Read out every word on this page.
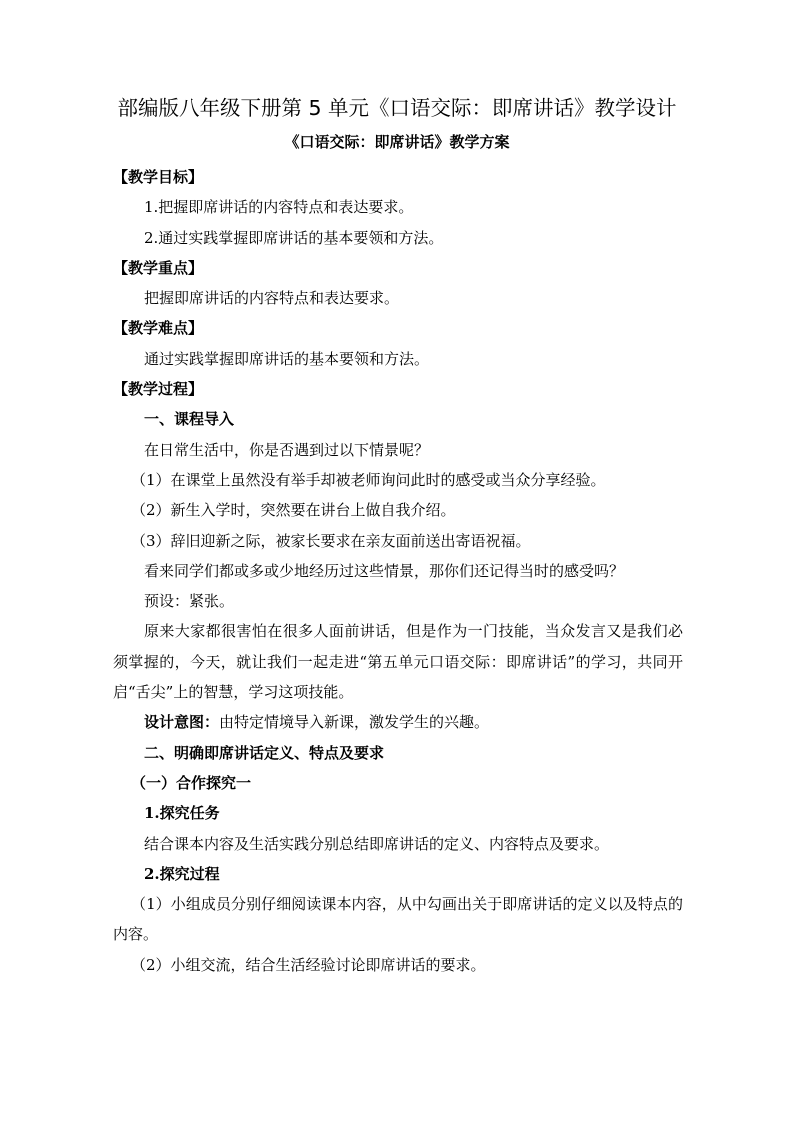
部编版八年级下册第 5 单元《口语交际：即席讲话》教学设计
《口语交际：即席讲话》教学方案

【教学目标】

1.把握即席讲话的内容特点和表达要求。

2.通过实践掌握即席讲话的基本要领和方法。

【教学重点】

把握即席讲话的内容特点和表达要求。

【教学难点】

通过实践掌握即席讲话的基本要领和方法。

【教学过程】

一、课程导入

在日常生活中，你是否遇到过以下情景呢？

（1）在课堂上虽然没有举手却被老师询问此时的感受或当众分享经验。

（2）新生入学时，突然要在讲台上做自我介绍。

（3）辞旧迎新之际，被家长要求在亲友面前送出寄语祝福。

看来同学们都或多或少地经历过这些情景，那你们还记得当时的感受吗？

预设：紧张。

原来大家都很害怕在很多人面前讲话，但是作为一门技能，当众发言又是我们必须掌握的，今天，就让我们一起走进“第五单元口语交际：即席讲话”的学习，共同开启“舌尖”上的智慧，学习这项技能。

设计意图：由特定情境导入新课，激发学生的兴趣。

二、明确即席讲话定义、特点及要求

（一）合作探究一

1.探究任务

结合课本内容及生活实践分别总结即席讲话的定义、内容特点及要求。

2.探究过程

（1）小组成员分别仔细阅读课本内容，从中勾画出关于即席讲话的定义以及特点的内容。

（2）小组交流，结合生活经验讨论即席讲话的要求。
